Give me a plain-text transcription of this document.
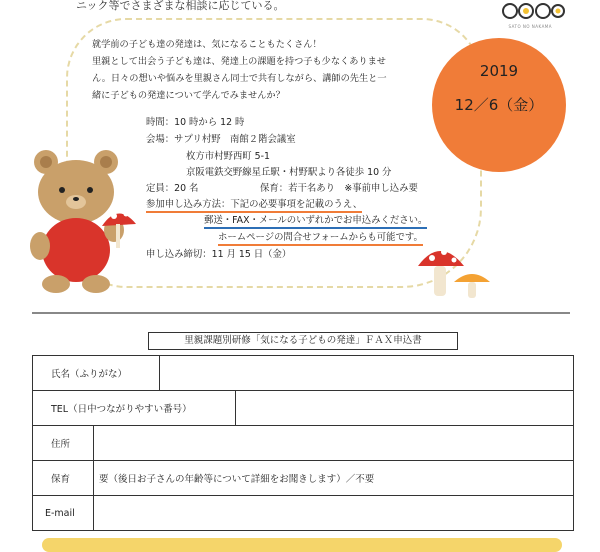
ニック等でさまざまな相談に応じている。
SATO NO NAKAMA
就学前の子ども達の発達は、気になることもたくさん！
里親として出会う子ども達は、発達上の課題を持つ子も少なくありませ
ん。日々の想いや悩みを里親さん同士で共有しながら、講師の先生と一
緒に子どもの発達について学んでみませんか？
2019
12／6（金）
時間：10 時から 12 時
会場：サプリ村野　南館２階会議室
枚方市村野西町 5-1
京阪電鉄交野線星丘駅・村野駅より各徒歩 10 分
定員：20 名	保育：若干名あり　※事前申し込み要
参加申し込み方法：下記の必要事項を記載のうえ、
郵送・FAX・メールのいずれかでお申込みください。
ホームページの問合せフォームからも可能です。
申し込み締切：11 月 15 日（金）
里親課題別研修「気になる子どもの発達」ＦＡＸ申込書
氏名（ふりがな）
TEL（日中つながりやすい番号）
住所
保育	要（後日お子さんの年齢等について詳細をお聞きします）／不要
E-mail
